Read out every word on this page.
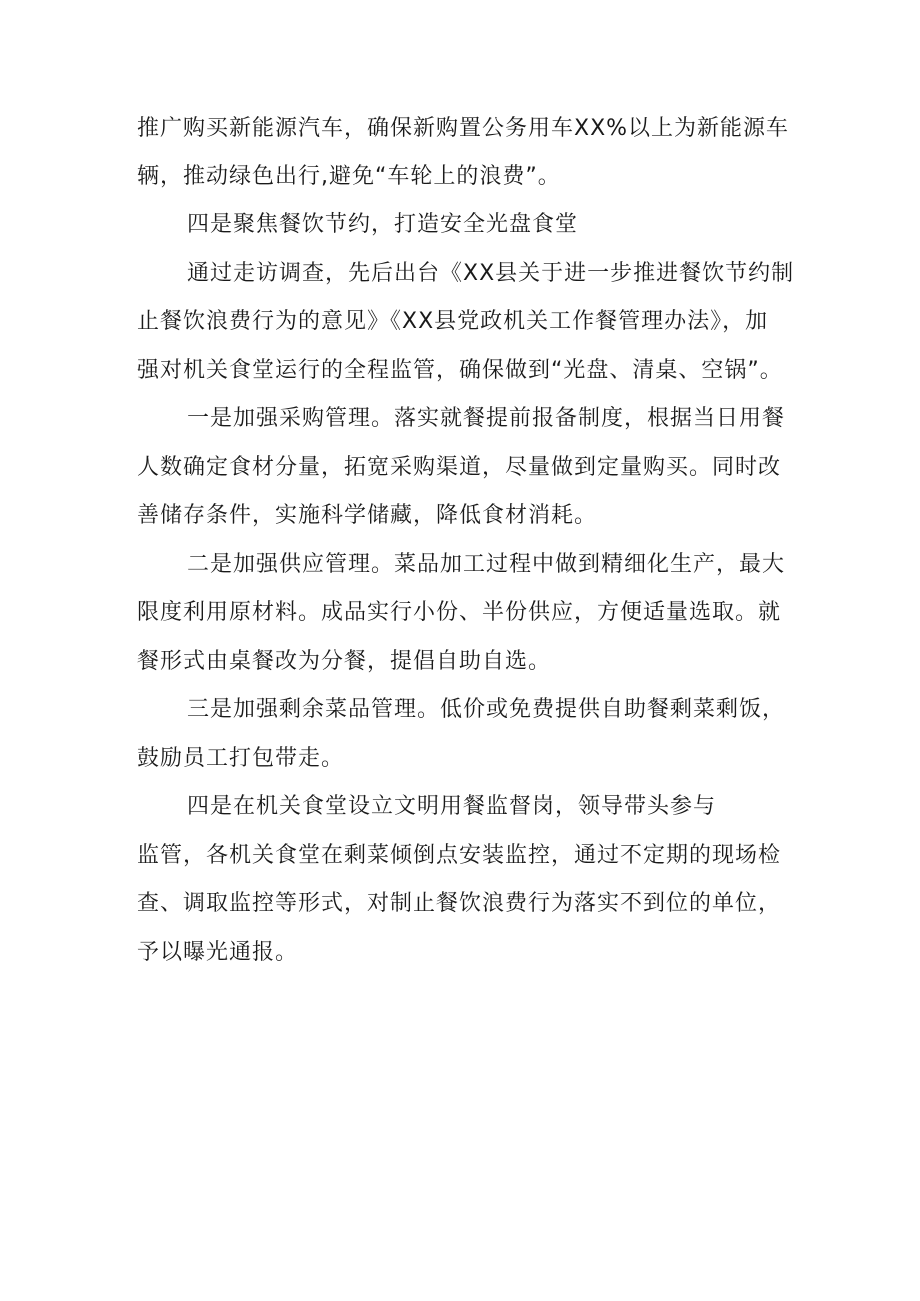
推广购买新能源汽车，确保新购置公务用车XX%以上为新能源车
辆，推动绿色出行,避免“车轮上的浪费”。
四是聚焦餐饮节约，打造安全光盘食堂
通过走访调查，先后出台《XX县关于进一步推进餐饮节约制
止餐饮浪费行为的意见》《XX县党政机关工作餐管理办法》，加
强对机关食堂运行的全程监管，确保做到“光盘、清桌、空锅”。
一是加强采购管理。落实就餐提前报备制度，根据当日用餐
人数确定食材分量，拓宽采购渠道，尽量做到定量购买。同时改
善储存条件，实施科学储藏，降低食材消耗。
二是加强供应管理。菜品加工过程中做到精细化生产，最大
限度利用原材料。成品实行小份、半份供应，方便适量选取。就
餐形式由桌餐改为分餐，提倡自助自选。
三是加强剩余菜品管理。低价或免费提供自助餐剩菜剩饭，
鼓励员工打包带走。
四是在机关食堂设立文明用餐监督岗，领导带头参与
监管，各机关食堂在剩菜倾倒点安装监控，通过不定期的现场检
查、调取监控等形式，对制止餐饮浪费行为落实不到位的单位，
予以曝光通报。
